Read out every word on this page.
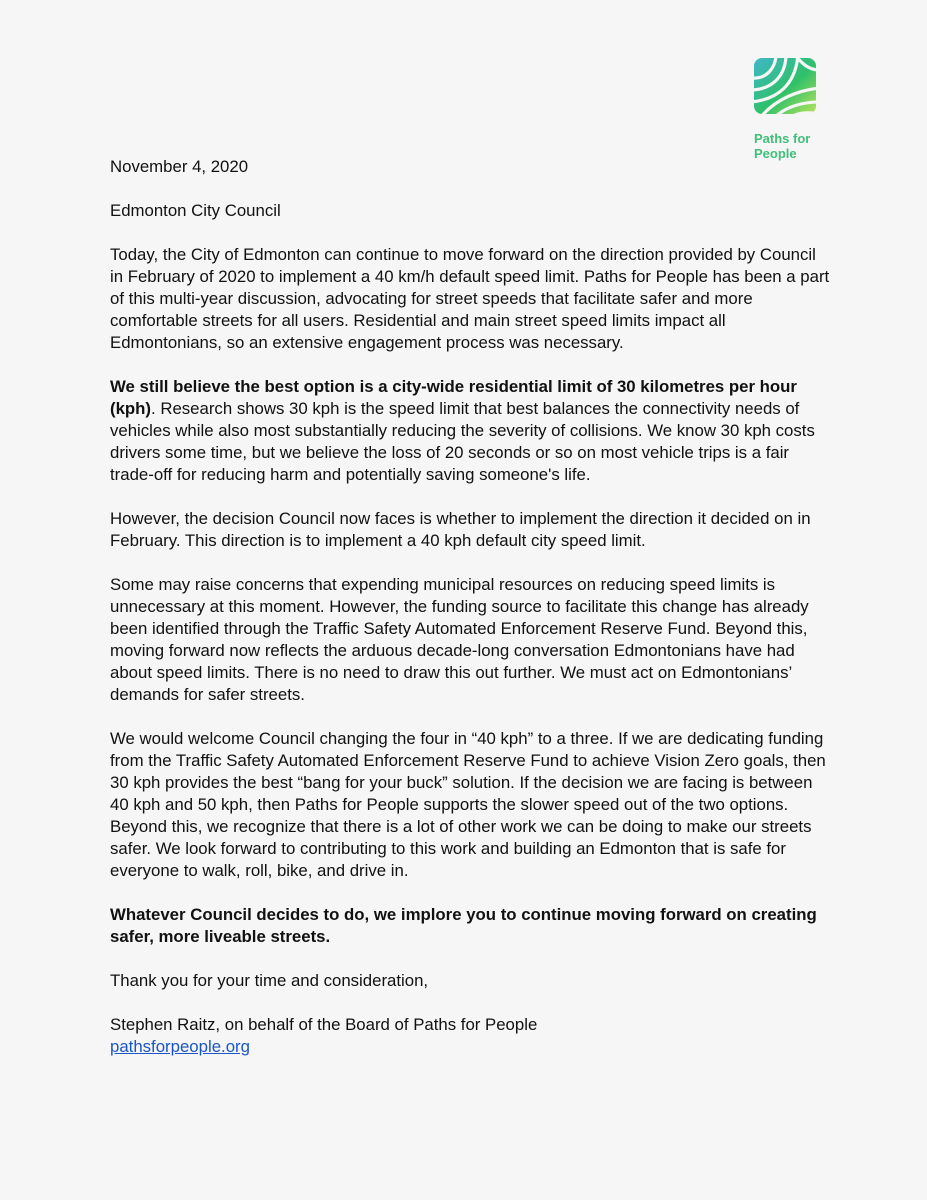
Paths for
People

November 4, 2020

Edmonton City Council

Today, the City of Edmonton can continue to move forward on the direction provided by Council in February of 2020 to implement a 40 km/h default speed limit. Paths for People has been a part of this multi-year discussion, advocating for street speeds that facilitate safer and more comfortable streets for all users. Residential and main street speed limits impact all Edmontonians, so an extensive engagement process was necessary.

We still believe the best option is a city-wide residential limit of 30 kilometres per hour (kph). Research shows 30 kph is the speed limit that best balances the connectivity needs of vehicles while also most substantially reducing the severity of collisions. We know 30 kph costs drivers some time, but we believe the loss of 20 seconds or so on most vehicle trips is a fair trade-off for reducing harm and potentially saving someone's life.

However, the decision Council now faces is whether to implement the direction it decided on in February. This direction is to implement a 40 kph default city speed limit.

Some may raise concerns that expending municipal resources on reducing speed limits is unnecessary at this moment. However, the funding source to facilitate this change has already been identified through the Traffic Safety Automated Enforcement Reserve Fund. Beyond this, moving forward now reflects the arduous decade-long conversation Edmontonians have had about speed limits. There is no need to draw this out further. We must act on Edmontonians’ demands for safer streets.

We would welcome Council changing the four in “40 kph” to a three. If we are dedicating funding from the Traffic Safety Automated Enforcement Reserve Fund to achieve Vision Zero goals, then 30 kph provides the best “bang for your buck” solution. If the decision we are facing is between 40 kph and 50 kph, then Paths for People supports the slower speed out of the two options. Beyond this, we recognize that there is a lot of other work we can be doing to make our streets safer. We look forward to contributing to this work and building an Edmonton that is safe for everyone to walk, roll, bike, and drive in.

Whatever Council decides to do, we implore you to continue moving forward on creating safer, more liveable streets.

Thank you for your time and consideration,

Stephen Raitz, on behalf of the Board of Paths for People
pathsforpeople.org
